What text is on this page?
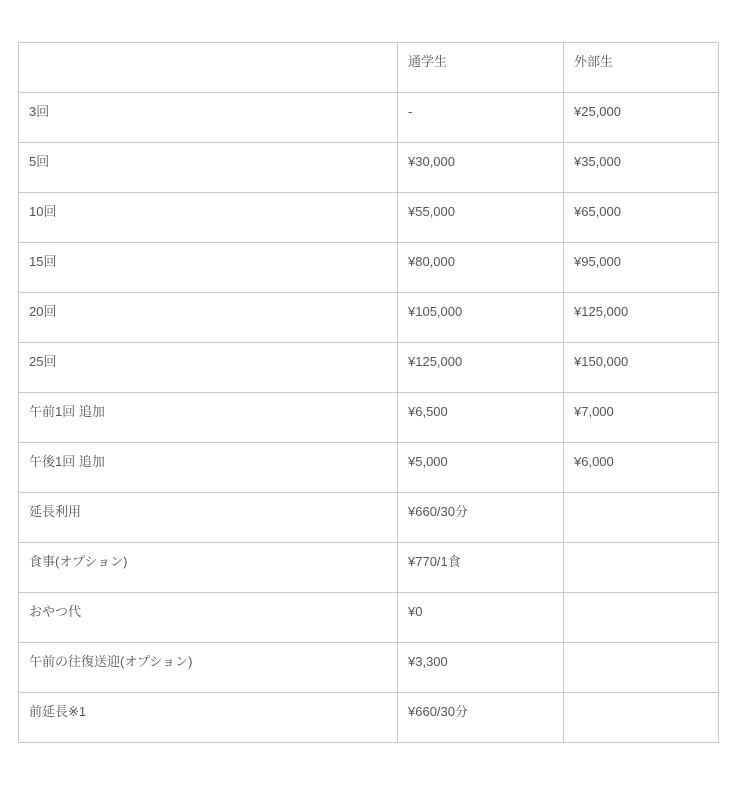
	通学生	外部生
3回	-	¥25,000
5回	¥30,000	¥35,000
10回	¥55,000	¥65,000
15回	¥80,000	¥95,000
20回	¥105,000	¥125,000
25回	¥125,000	¥150,000
午前1回 追加	¥6,500	¥7,000
午後1回 追加	¥5,000	¥6,000
延長利用	¥660/30分	
食事(オプション)	¥770/1食	
おやつ代	¥0	
午前の往復送迎(オプション)	¥3,300	
前延長※1	¥660/30分	
